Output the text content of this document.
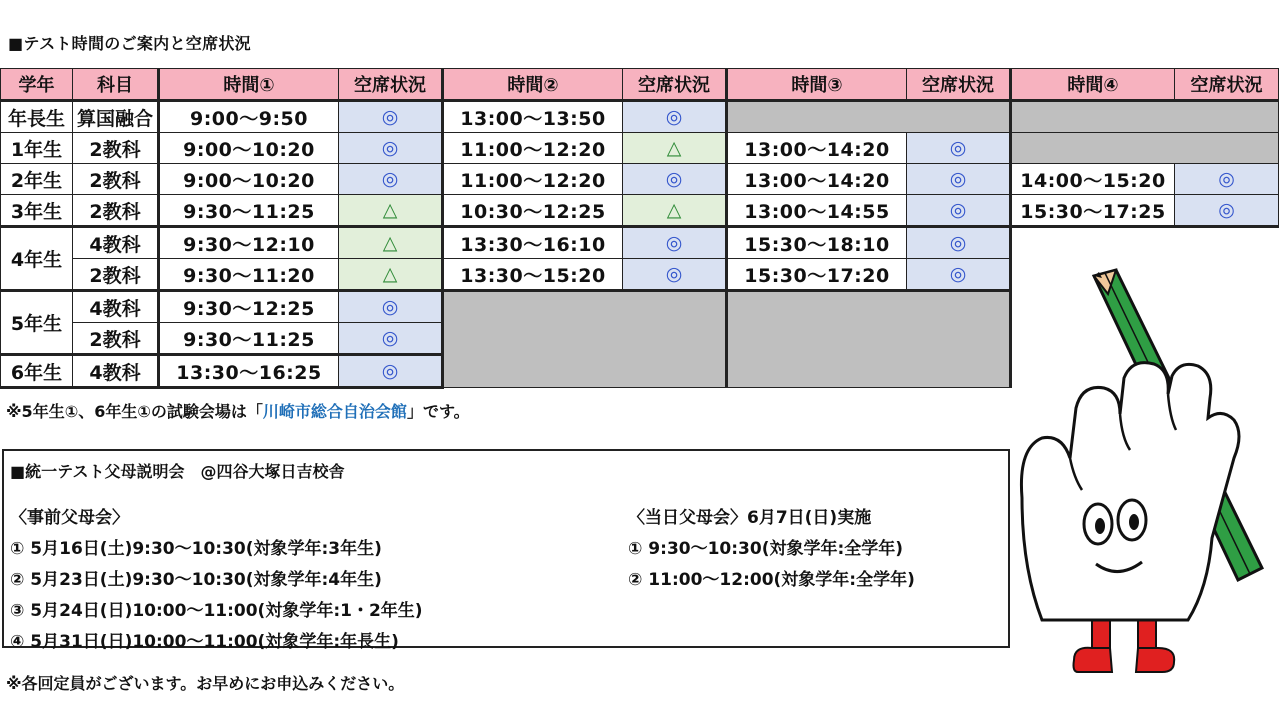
■テスト時間のご案内と空席状況
学年	科目	時間①	空席状況	時間②	空席状況	時間③	空席状況	時間④	空席状況
年長生	算国融合	9:00～9:50	◎	13:00～13:50	◎				
1年生	2教科	9:00～10:20	◎	11:00～12:20	△	13:00～14:20	◎		
2年生	2教科	9:00～10:20	◎	11:00～12:20	◎	13:00～14:20	◎	14:00～15:20	◎
3年生	2教科	9:30～11:25	△	10:30～12:25	△	13:00～14:55	◎	15:30～17:25	◎
4年生	4教科	9:30～12:10	△	13:30～16:10	◎	15:30～18:10	◎		
	2教科	9:30～11:20	△	13:30～15:20	◎	15:30～17:20	◎		
5年生	4教科	9:30～12:25	◎						
	2教科	9:30～11:25	◎						
6年生	4教科	13:30～16:25	◎						
※5年生①、6年生①の試験会場は「川崎市総合自治会館」です。
■統一テスト父母説明会　@四谷大塚日吉校舎
〈事前父母会〉
① 5月16日(土)9:30～10:30(対象学年:3年生)
② 5月23日(土)9:30～10:30(対象学年:4年生)
③ 5月24日(日)10:00～11:00(対象学年:1・2年生)
④ 5月31日(日)10:00～11:00(対象学年:年長生)
〈当日父母会〉6月7日(日)実施
① 9:30～10:30(対象学年:全学年)
② 11:00～12:00(対象学年:全学年)
※各回定員がございます。お早めにお申込みください。
